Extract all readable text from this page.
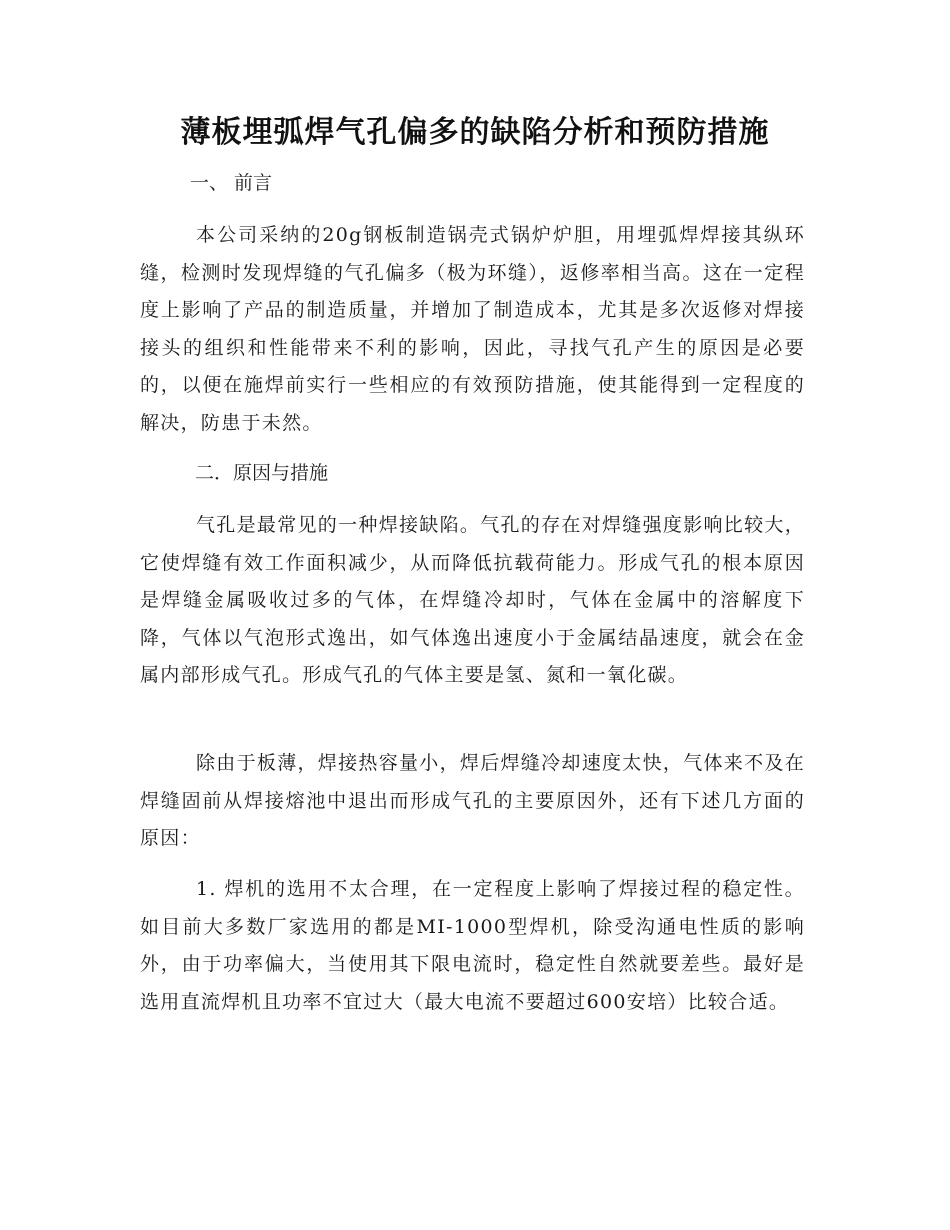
薄板埋弧焊气孔偏多的缺陷分析和预防措施

一、 前言

本公司采纳的20g钢板制造锅壳式锅炉炉胆，用埋弧焊焊接其纵环缝，检测时发现焊缝的气孔偏多（极为环缝），返修率相当高。这在一定程度上影响了产品的制造质量，并增加了制造成本，尤其是多次返修对焊接接头的组织和性能带来不利的影响，因此，寻找气孔产生的原因是必要的，以便在施焊前实行一些相应的有效预防措施，使其能得到一定程度的解决，防患于未然。

二．原因与措施

气孔是最常见的一种焊接缺陷。气孔的存在对焊缝强度影响比较大，它使焊缝有效工作面积减少，从而降低抗载荷能力。形成气孔的根本原因是焊缝金属吸收过多的气体，在焊缝冷却时，气体在金属中的溶解度下降，气体以气泡形式逸出，如气体逸出速度小于金属结晶速度，就会在金属内部形成气孔。形成气孔的气体主要是氢、氮和一氧化碳。

除由于板薄，焊接热容量小，焊后焊缝冷却速度太快，气体来不及在焊缝固前从焊接熔池中退出而形成气孔的主要原因外，还有下述几方面的原因：

1. 焊机的选用不太合理，在一定程度上影响了焊接过程的稳定性。如目前大多数厂家选用的都是MI-1000型焊机，除受沟通电性质的影响外，由于功率偏大，当使用其下限电流时，稳定性自然就要差些。最好是选用直流焊机且功率不宜过大（最大电流不要超过600安培）比较合适。
